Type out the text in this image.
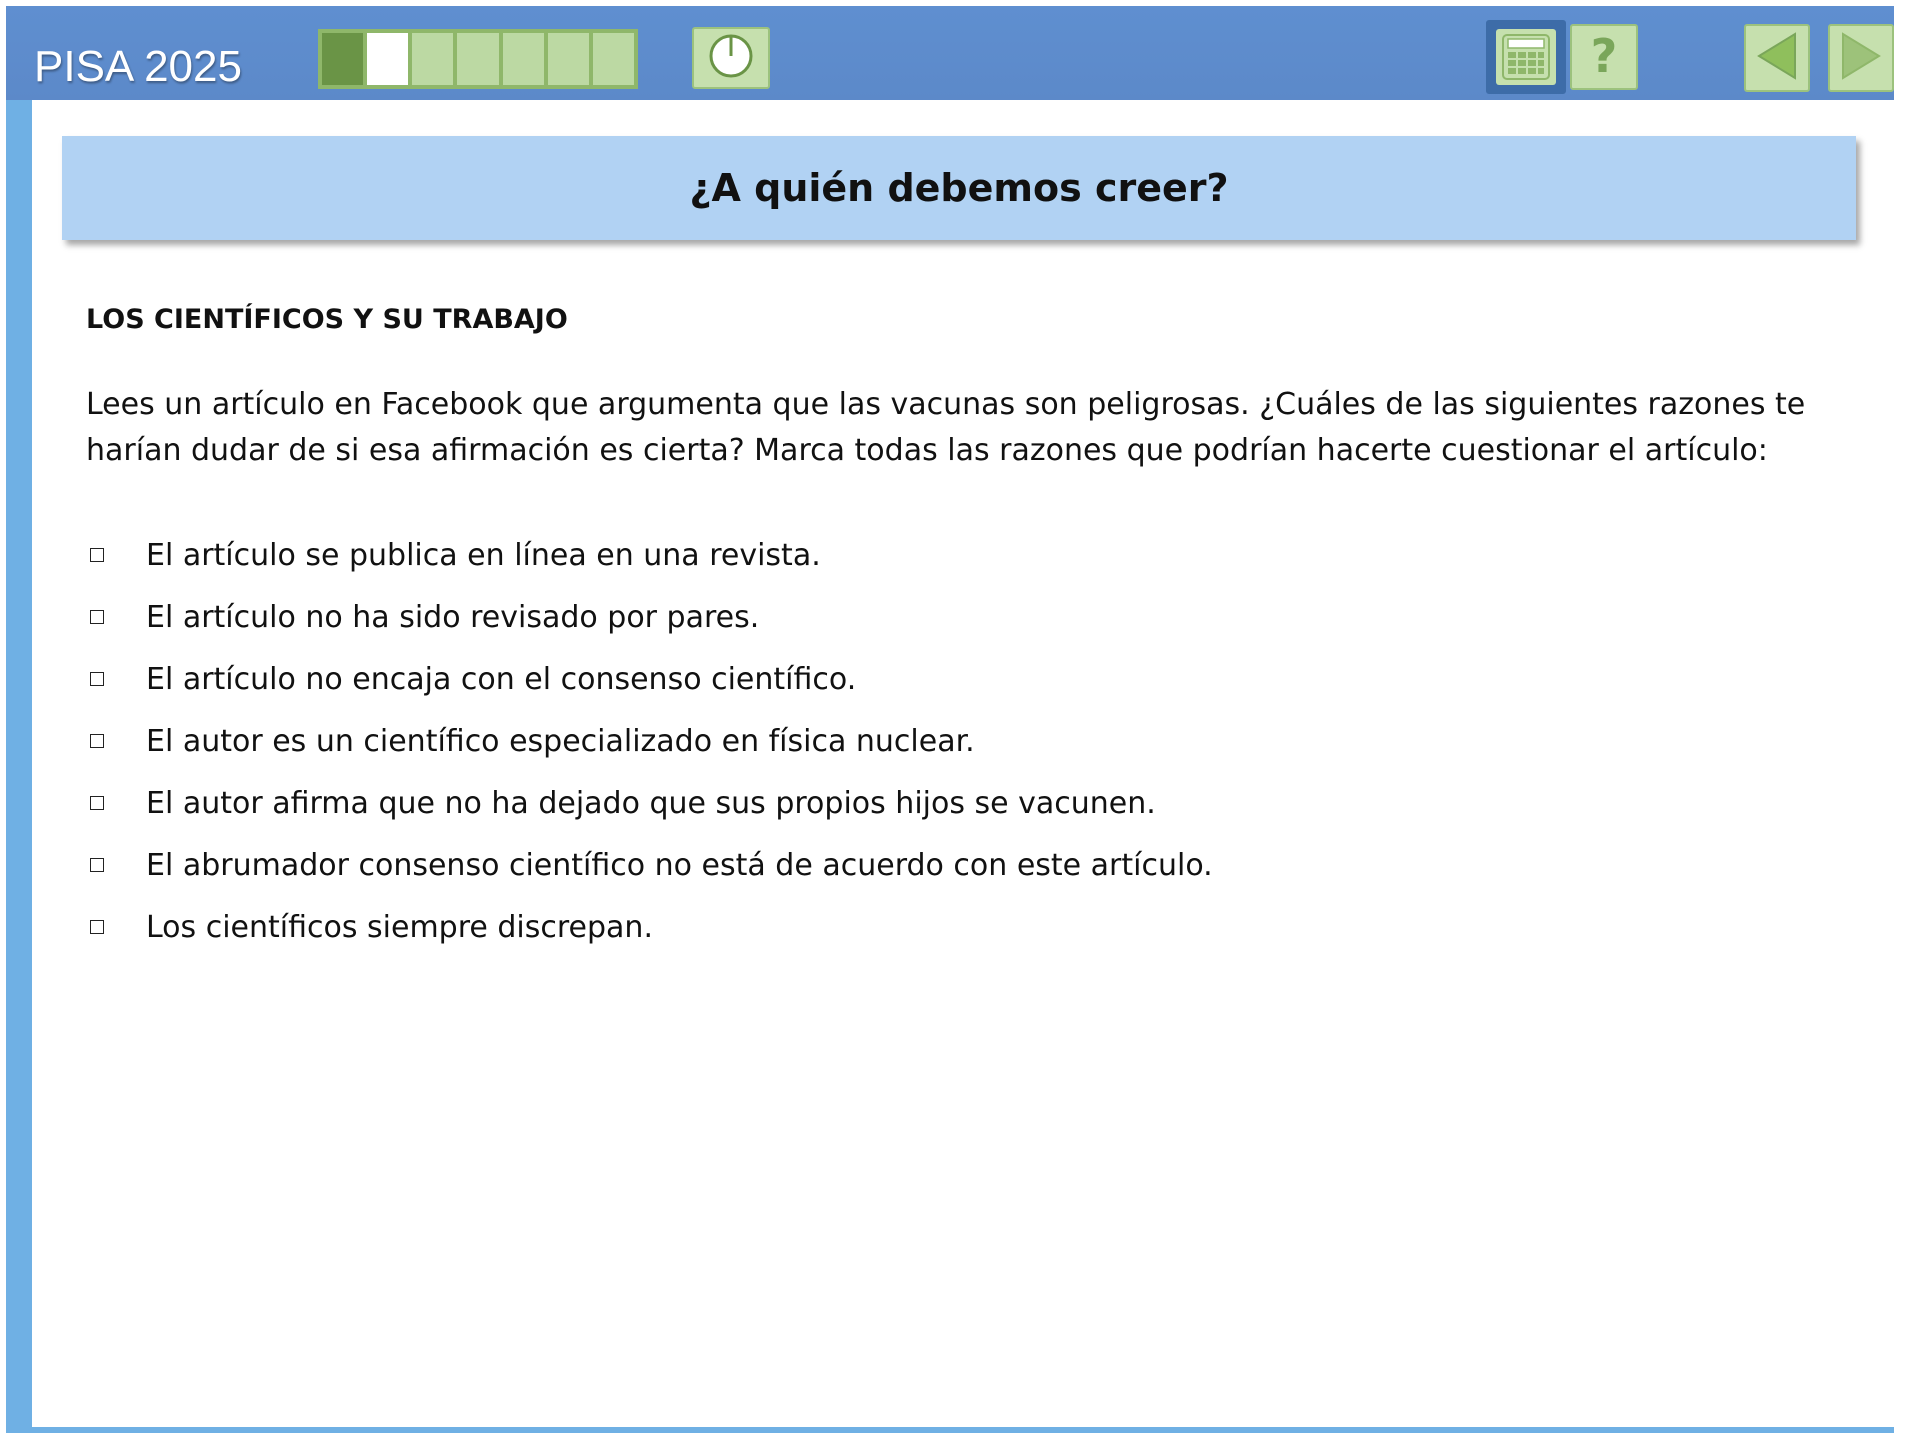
PISA 2025	?
¿A quién debemos creer?
LOS CIENTÍFICOS Y SU TRABAJO
Lees un artículo en Facebook que argumenta que las vacunas son peligrosas. ¿Cuáles de las siguientes razones te harían dudar de si esa afirmación es cierta? Marca todas las razones que podrían hacerte cuestionar el artículo:
El artículo se publica en línea en una revista.
El artículo no ha sido revisado por pares.
El artículo no encaja con el consenso científico.
El autor es un científico especializado en física nuclear.
El autor afirma que no ha dejado que sus propios hijos se vacunen.
El abrumador consenso científico no está de acuerdo con este artículo.
Los científicos siempre discrepan.
